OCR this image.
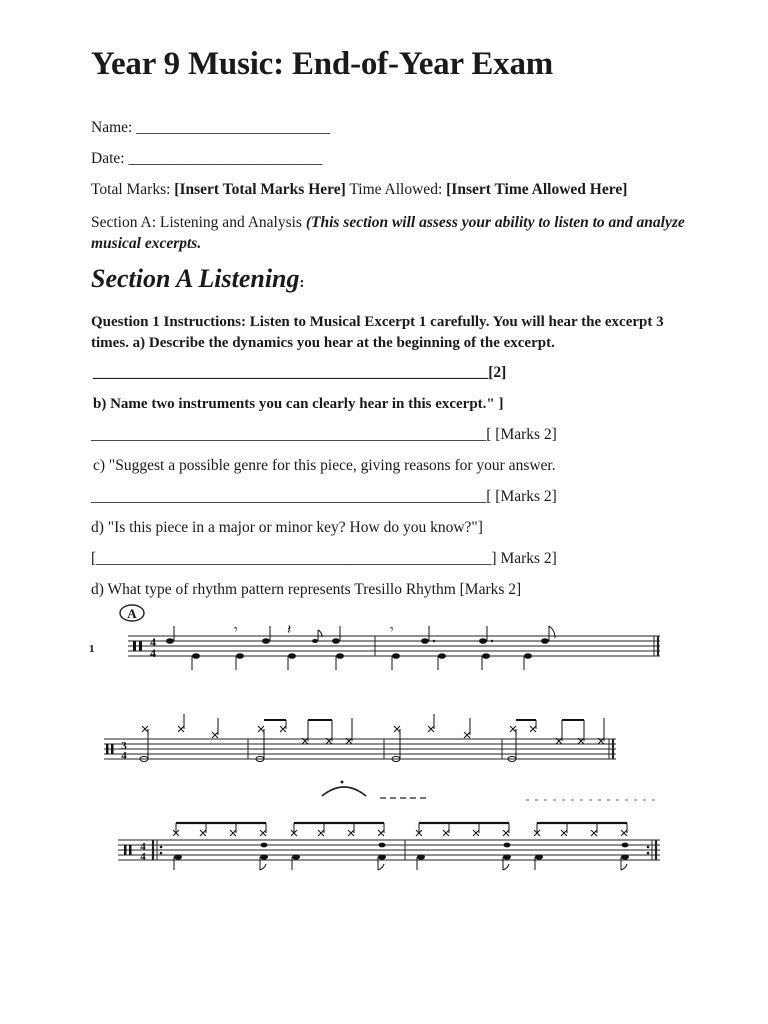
Year 9 Music: End-of-Year Exam
Name: _________________________
Date: _________________________
Total Marks: [Insert Total Marks Here] Time Allowed: [Insert Time Allowed Here]
Section A: Listening and Analysis (This section will assess your ability to listen to and analyze musical excerpts.
Section A Listening:
Question 1 Instructions: Listen to Musical Excerpt 1 carefully. You will hear the excerpt 3 times. a) Describe the dynamics you hear at the beginning of the excerpt.
___________________________________________________[2]
b) Name two instruments you can clearly hear in this excerpt." ]
___________________________________________________[ [Marks 2]
c) "Suggest a possible genre for this piece, giving reasons for your answer.
___________________________________________________[ [Marks 2]
d) "Is this piece in a major or minor key? How do you know?"]
[___________________________________________________] Marks 2]
d) What type of rhythm pattern represents Tresillo Rhythm [Marks 2]
A
1	4
4
𝄾	𝄾
𝄽
3
4
4
4
